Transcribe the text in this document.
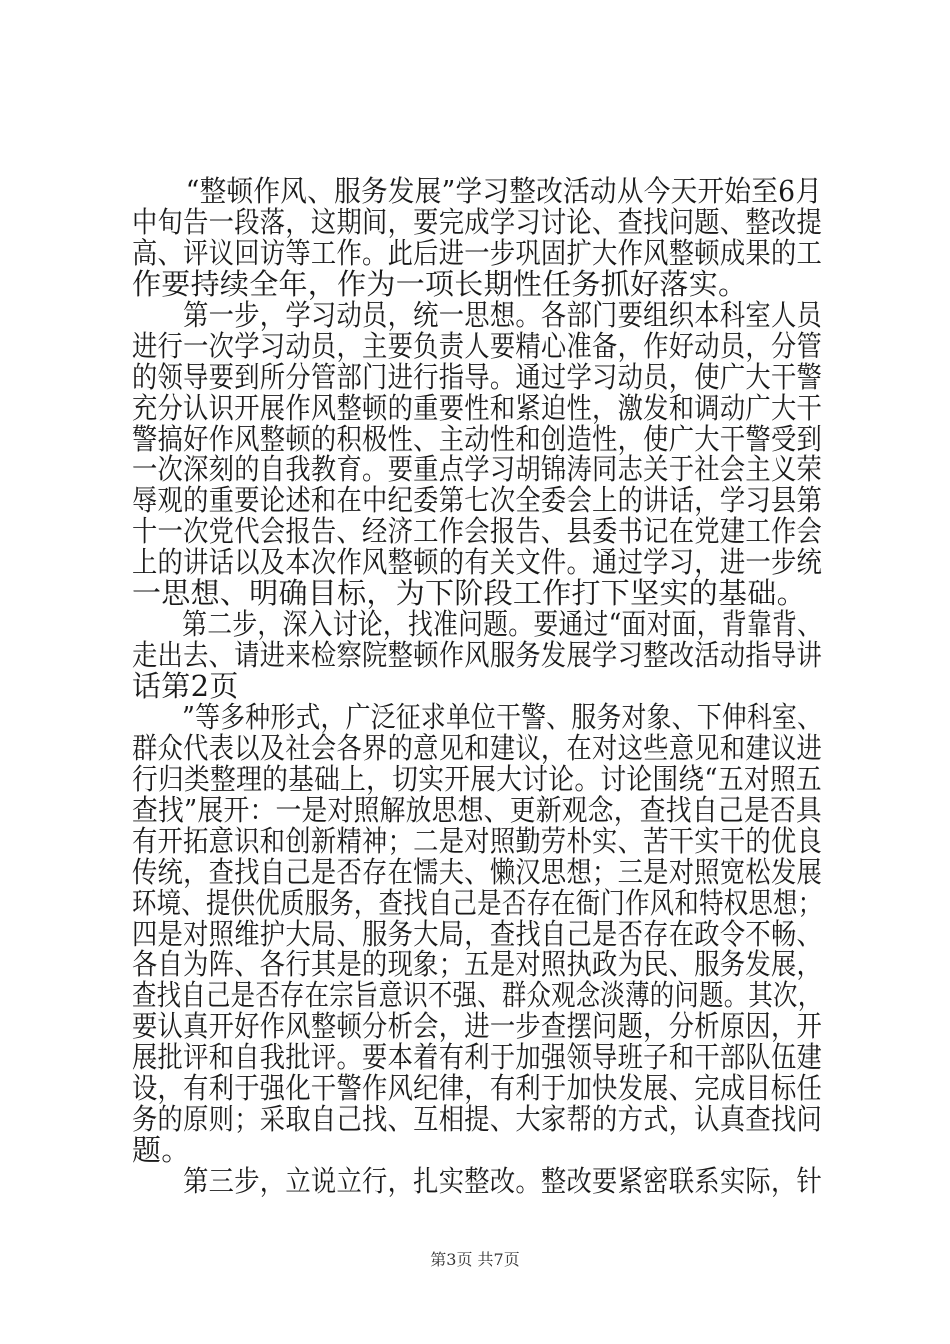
　　“整顿作风、服务发展”学习整改活动从今天开始至6月
中旬告一段落，这期间，要完成学习讨论、查找问题、整改提
高、评议回访等工作。此后进一步巩固扩大作风整顿成果的工
作要持续全年，作为一项长期性任务抓好落实。
　　第一步，学习动员，统一思想。各部门要组织本科室人员
进行一次学习动员，主要负责人要精心准备，作好动员，分管
的领导要到所分管部门进行指导。通过学习动员，使广大干警
充分认识开展作风整顿的重要性和紧迫性，激发和调动广大干
警搞好作风整顿的积极性、主动性和创造性，使广大干警受到
一次深刻的自我教育。要重点学习胡锦涛同志关于社会主义荣
辱观的重要论述和在中纪委第七次全委会上的讲话，学习县第
十一次党代会报告、经济工作会报告、县委书记在党建工作会
上的讲话以及本次作风整顿的有关文件。通过学习，进一步统
一思想、明确目标，为下阶段工作打下坚实的基础。
　　第二步，深入讨论，找准问题。要通过“面对面，背靠背、
走出去、请进来检察院整顿作风服务发展学习整改活动指导讲
话第2页
　　”等多种形式，广泛征求单位干警、服务对象、下伸科室、
群众代表以及社会各界的意见和建议，在对这些意见和建议进
行归类整理的基础上，切实开展大讨论。讨论围绕“五对照五
查找”展开：一是对照解放思想、更新观念，查找自己是否具
有开拓意识和创新精神；二是对照勤劳朴实、苦干实干的优良
传统，查找自己是否存在懦夫、懒汉思想；三是对照宽松发展
环境、提供优质服务，查找自己是否存在衙门作风和特权思想；
四是对照维护大局、服务大局，查找自己是否存在政令不畅、
各自为阵、各行其是的现象；五是对照执政为民、服务发展，
查找自己是否存在宗旨意识不强、群众观念淡薄的问题。其次，
要认真开好作风整顿分析会，进一步查摆问题，分析原因，开
展批评和自我批评。要本着有利于加强领导班子和干部队伍建
设，有利于强化干警作风纪律，有利于加快发展、完成目标任
务的原则；采取自己找、互相提、大家帮的方式，认真查找问
题。
　　第三步，立说立行，扎实整改。整改要紧密联系实际，针
第3页 共7页
